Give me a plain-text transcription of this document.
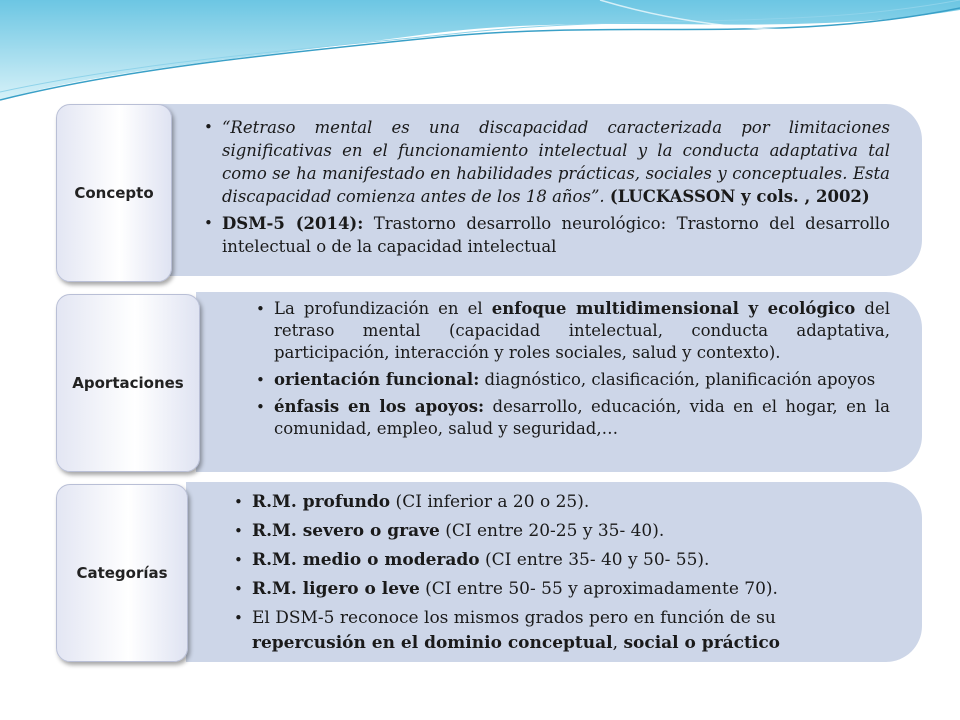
• “Retraso mental es una discapacidad caracterizada por limitaciones significativas en el funcionamiento intelectual y la conducta adaptativa tal como se ha manifestado en habilidades prácticas, sociales y conceptuales. Esta discapacidad comienza antes de los 18 años”. (LUCKASSON y cols. , 2002)
• DSM-5 (2014): Trastorno desarrollo neurológico: Trastorno del desarrollo intelectual o de la capacidad intelectual
Concepto
• La profundización en el enfoque multidimensional y ecológico del retraso mental (capacidad intelectual, conducta adaptativa, participación, interacción y roles sociales, salud y contexto).
• orientación funcional: diagnóstico, clasificación, planificación apoyos
• énfasis en los apoyos: desarrollo, educación, vida en el hogar, en la comunidad, empleo, salud y seguridad,…
Aportaciones
• R.M. profundo (CI inferior a 20 o 25).
• R.M. severo o grave (CI entre 20-25 y 35- 40).
• R.M. medio o moderado (CI entre 35- 40 y 50- 55).
• R.M. ligero o leve (CI entre 50- 55 y aproximadamente 70).
• El DSM-5 reconoce los mismos grados pero en función de su repercusión en el dominio conceptual, social o práctico
Categorías
